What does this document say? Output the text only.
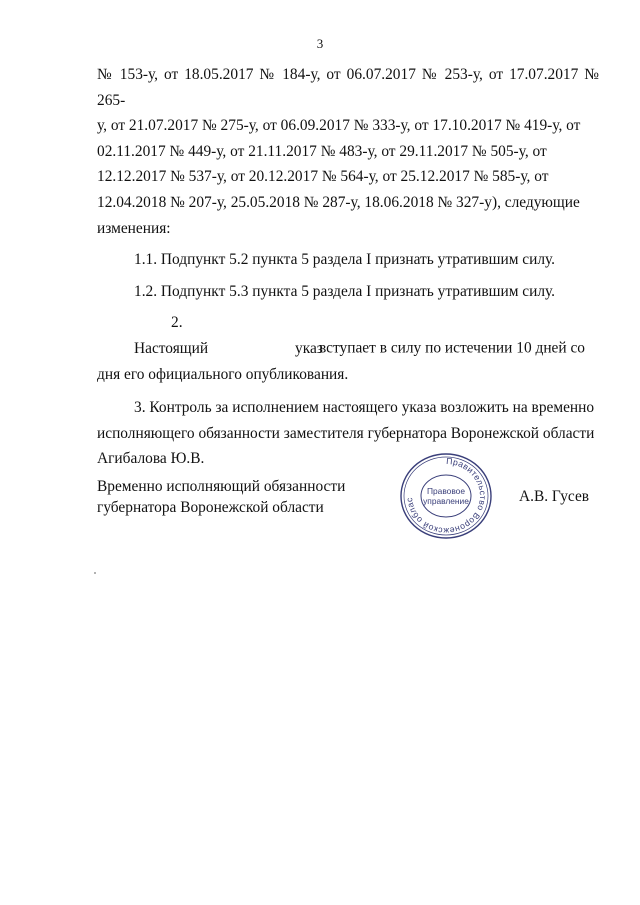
3

№ 153-у, от 18.05.2017 № 184-у, от 06.07.2017 № 253-у, от 17.07.2017 № 265-

у, от 21.07.2017 № 275-у, от 06.09.2017 № 333-у, от 17.10.2017 № 419-у, от

02.11.2017 № 449-у, от 21.11.2017 № 483-у, от 29.11.2017 № 505-у, от

12.12.2017 № 537-у, от 20.12.2017 № 564-у, от 25.12.2017 № 585-у, от

12.04.2018 № 207-у, 25.05.2018 № 287-у, 18.06.2018 № 327-у), следующие

изменения:

1.1. Подпункт 5.2 пункта 5 раздела I признать утратившим силу.

1.2. Подпункт 5.3 пункта 5 раздела I признать утратившим силу.

2. Настоящий	указвступает в силу по истечении 10 дней со

дня его официального опубликования.

3. Контроль за исполнением настоящего указа возложить на временно

исполняющего обязанности заместителя губернатора Воронежской области

Агибалова Ю.В.

Временно исполняющий обязанности
губернатора Воронежской области
Правительство Воронежской облас
Правовое
управление	А.В. Гусев
